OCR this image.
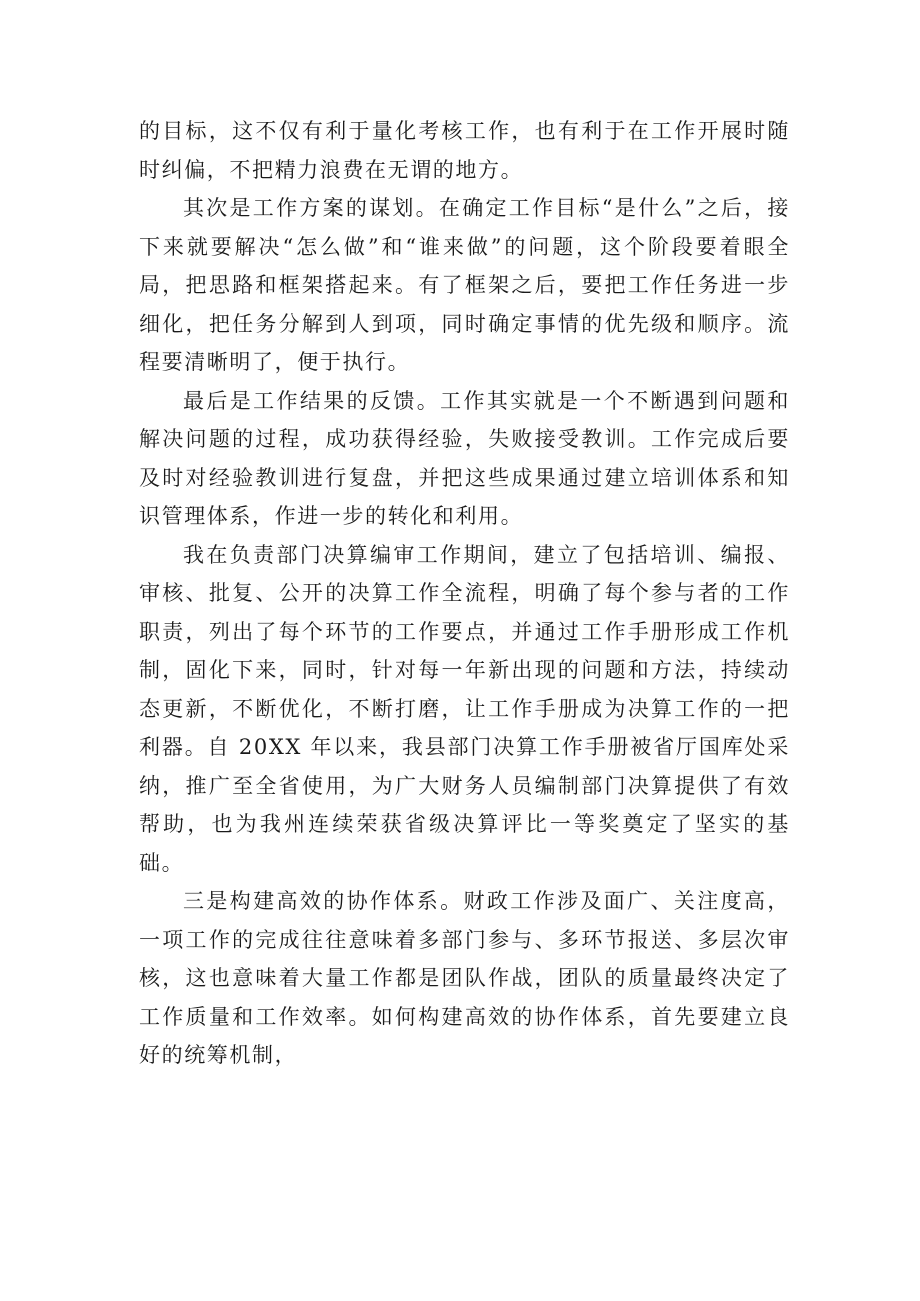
的目标，这不仅有利于量化考核工作，也有利于在工作开展时随时纠偏，不把精力浪费在无谓的地方。

其次是工作方案的谋划。在确定工作目标“是什么”之后，接下来就要解决“怎么做”和“谁来做”的问题，这个阶段要着眼全局，把思路和框架搭起来。有了框架之后，要把工作任务进一步细化，把任务分解到人到项，同时确定事情的优先级和顺序。流程要清晰明了，便于执行。

最后是工作结果的反馈。工作其实就是一个不断遇到问题和解决问题的过程，成功获得经验，失败接受教训。工作完成后要及时对经验教训进行复盘，并把这些成果通过建立培训体系和知识管理体系，作进一步的转化和利用。

我在负责部门决算编审工作期间，建立了包括培训、编报、审核、批复、公开的决算工作全流程，明确了每个参与者的工作职责，列出了每个环节的工作要点，并通过工作手册形成工作机制，固化下来，同时，针对每一年新出现的问题和方法，持续动态更新，不断优化，不断打磨，让工作手册成为决算工作的一把利器。自 20XX 年以来，我县部门决算工作手册被省厅国库处采纳，推广至全省使用，为广大财务人员编制部门决算提供了有效帮助，也为我州连续荣获省级决算评比一等奖奠定了坚实的基础。

三是构建高效的协作体系。财政工作涉及面广、关注度高，一项工作的完成往往意味着多部门参与、多环节报送、多层次审核，这也意味着大量工作都是团队作战，团队的质量最终决定了工作质量和工作效率。如何构建高效的协作体系，首先要建立良好的统筹机制，
